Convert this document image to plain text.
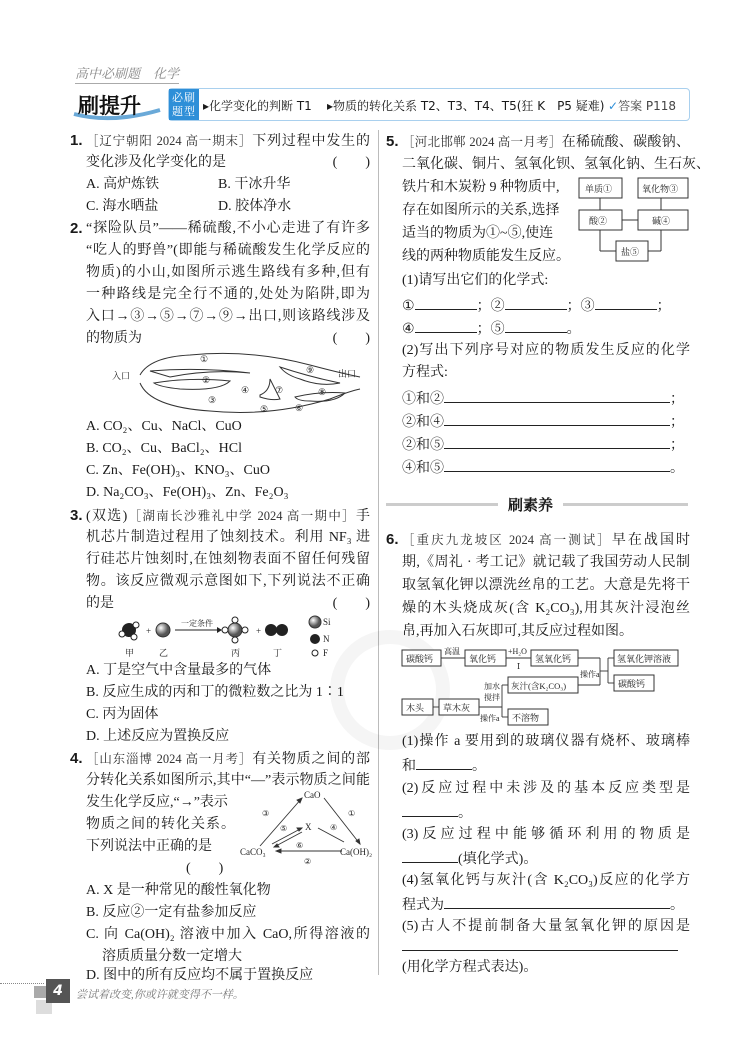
高中必刷题　化学
刷提升	必刷题型 ▸化学变化的判断 T1 ▸物质的转化关系 T2、T3、T4、T5(狂 K　P5 疑难) ✓答案 P118
1. ［辽宁朝阳 2024 高一期末］下列过程中发生的
变化涉及化学变化的是	(　　)
A. 高炉炼铁	B. 干冰升华
C. 海水晒盐	D. 胶体净水
2. “探险队员”——稀硫酸,不小心走进了有许多
“吃人的野兽”(即能与稀硫酸发生化学反应的
物质)的小山,如图所示逃生路线有多种,但有
一种路线是完全行不通的,处处为陷阱,即为
入口→③→⑤→⑦→⑨→出口,则该路线涉及
的物质为	(　　)
入口	出口
①
②
③
④
⑤	⑥
⑦	⑧
⑨
A. CO₂、Cu、NaCl、CuO
B. CO₂、Cu、BaCl₂、HCl
C. Zn、Fe(OH)₃、KNO₃、CuO
D. Na₂CO₃、Fe(OH)₃、Zn、Fe₂O₃
3. (双选)［湖南长沙雅礼中学 2024 高一期中］手
机芯片制造过程用了蚀刻技术。利用 NF₃ 进
行硅芯片蚀刻时,在蚀刻物表面不留任何残留
物。该反应微观示意图如下,下列说法不正确
的是	(　　)
+
一定条件
+
Si
N
F
甲	乙	丙	丁
A. 丁是空气中含量最多的气体
B. 反应生成的丙和丁的微粒数之比为 1∶1
C. 丙为固体
D. 上述反应为置换反应
4. ［山东淄博 2024 高一月考］有关物质之间的部
分转化关系如图所示,其中“—”表示物质之间能
发生化学反应,“→”表示
物质之间的转化关系。
下列说法中正确的是
(　　)
CaO
X
CaCO₃	Ca(OH)₂
①
②
③
④
⑤
⑥
A. X 是一种常见的酸性氧化物
B. 反应②一定有盐参加反应
C. 向 Ca(OH)₂ 溶液中加入 CaO,所得溶液的
溶质质量分数一定增大
D. 图中的所有反应均不属于置换反应
5. ［河北邯郸 2024 高一月考］在稀硫酸、碳酸钠、
二氧化碳、铜片、氢氧化钡、氢氧化钠、生石灰、
铁片和木炭粉 9 种物质中,
存在如图所示的关系,选择
适当的物质为①~⑤,使连
线的两种物质能发生反应。
单质①	氧化物③
酸②	碱④
盐⑤
(1)请写出它们的化学式:
①	；②	；③	；
④	；⑤	。
(2)写出下列序号对应的物质发生反应的化学
方程式:
①和②	；
②和④	；
②和⑤	；
④和⑤	。
刷素养
6. ［重庆九龙坡区 2024 高一测试］早在战国时
期,《周礼 · 考工记》就记载了我国劳动人民制
取氢氧化钾以漂洗丝帛的工艺。大意是先将干
燥的木头烧成灰(含 K₂CO₃),用其灰汁浸泡丝
帛,再加入石灰即可,其反应过程如图。
碳酸钙
高温
氧化钙
+H₂O
Ⅰ
氢氧化钙
操作a
氢氧化钾溶液
碳酸钙
木头 草木灰
加水
搅拌
操作a
灰汁(含K₂CO₃)
不溶物
(1)操作 a 要用到的玻璃仪器有烧杯、玻璃棒
和	。
(2)反应过程中未涉及的基本反应类型是
。
(3)反应过程中能够循环利用的物质是
(填化学式)。
(4)氢氧化钙与灰汁(含 K₂CO₃)反应的化学方
程式为	。
(5)古人不提前制备大量氢氧化钾的原因是
(用化学方程式表达)。
4	尝试着改变,你或许就变得不一样。
